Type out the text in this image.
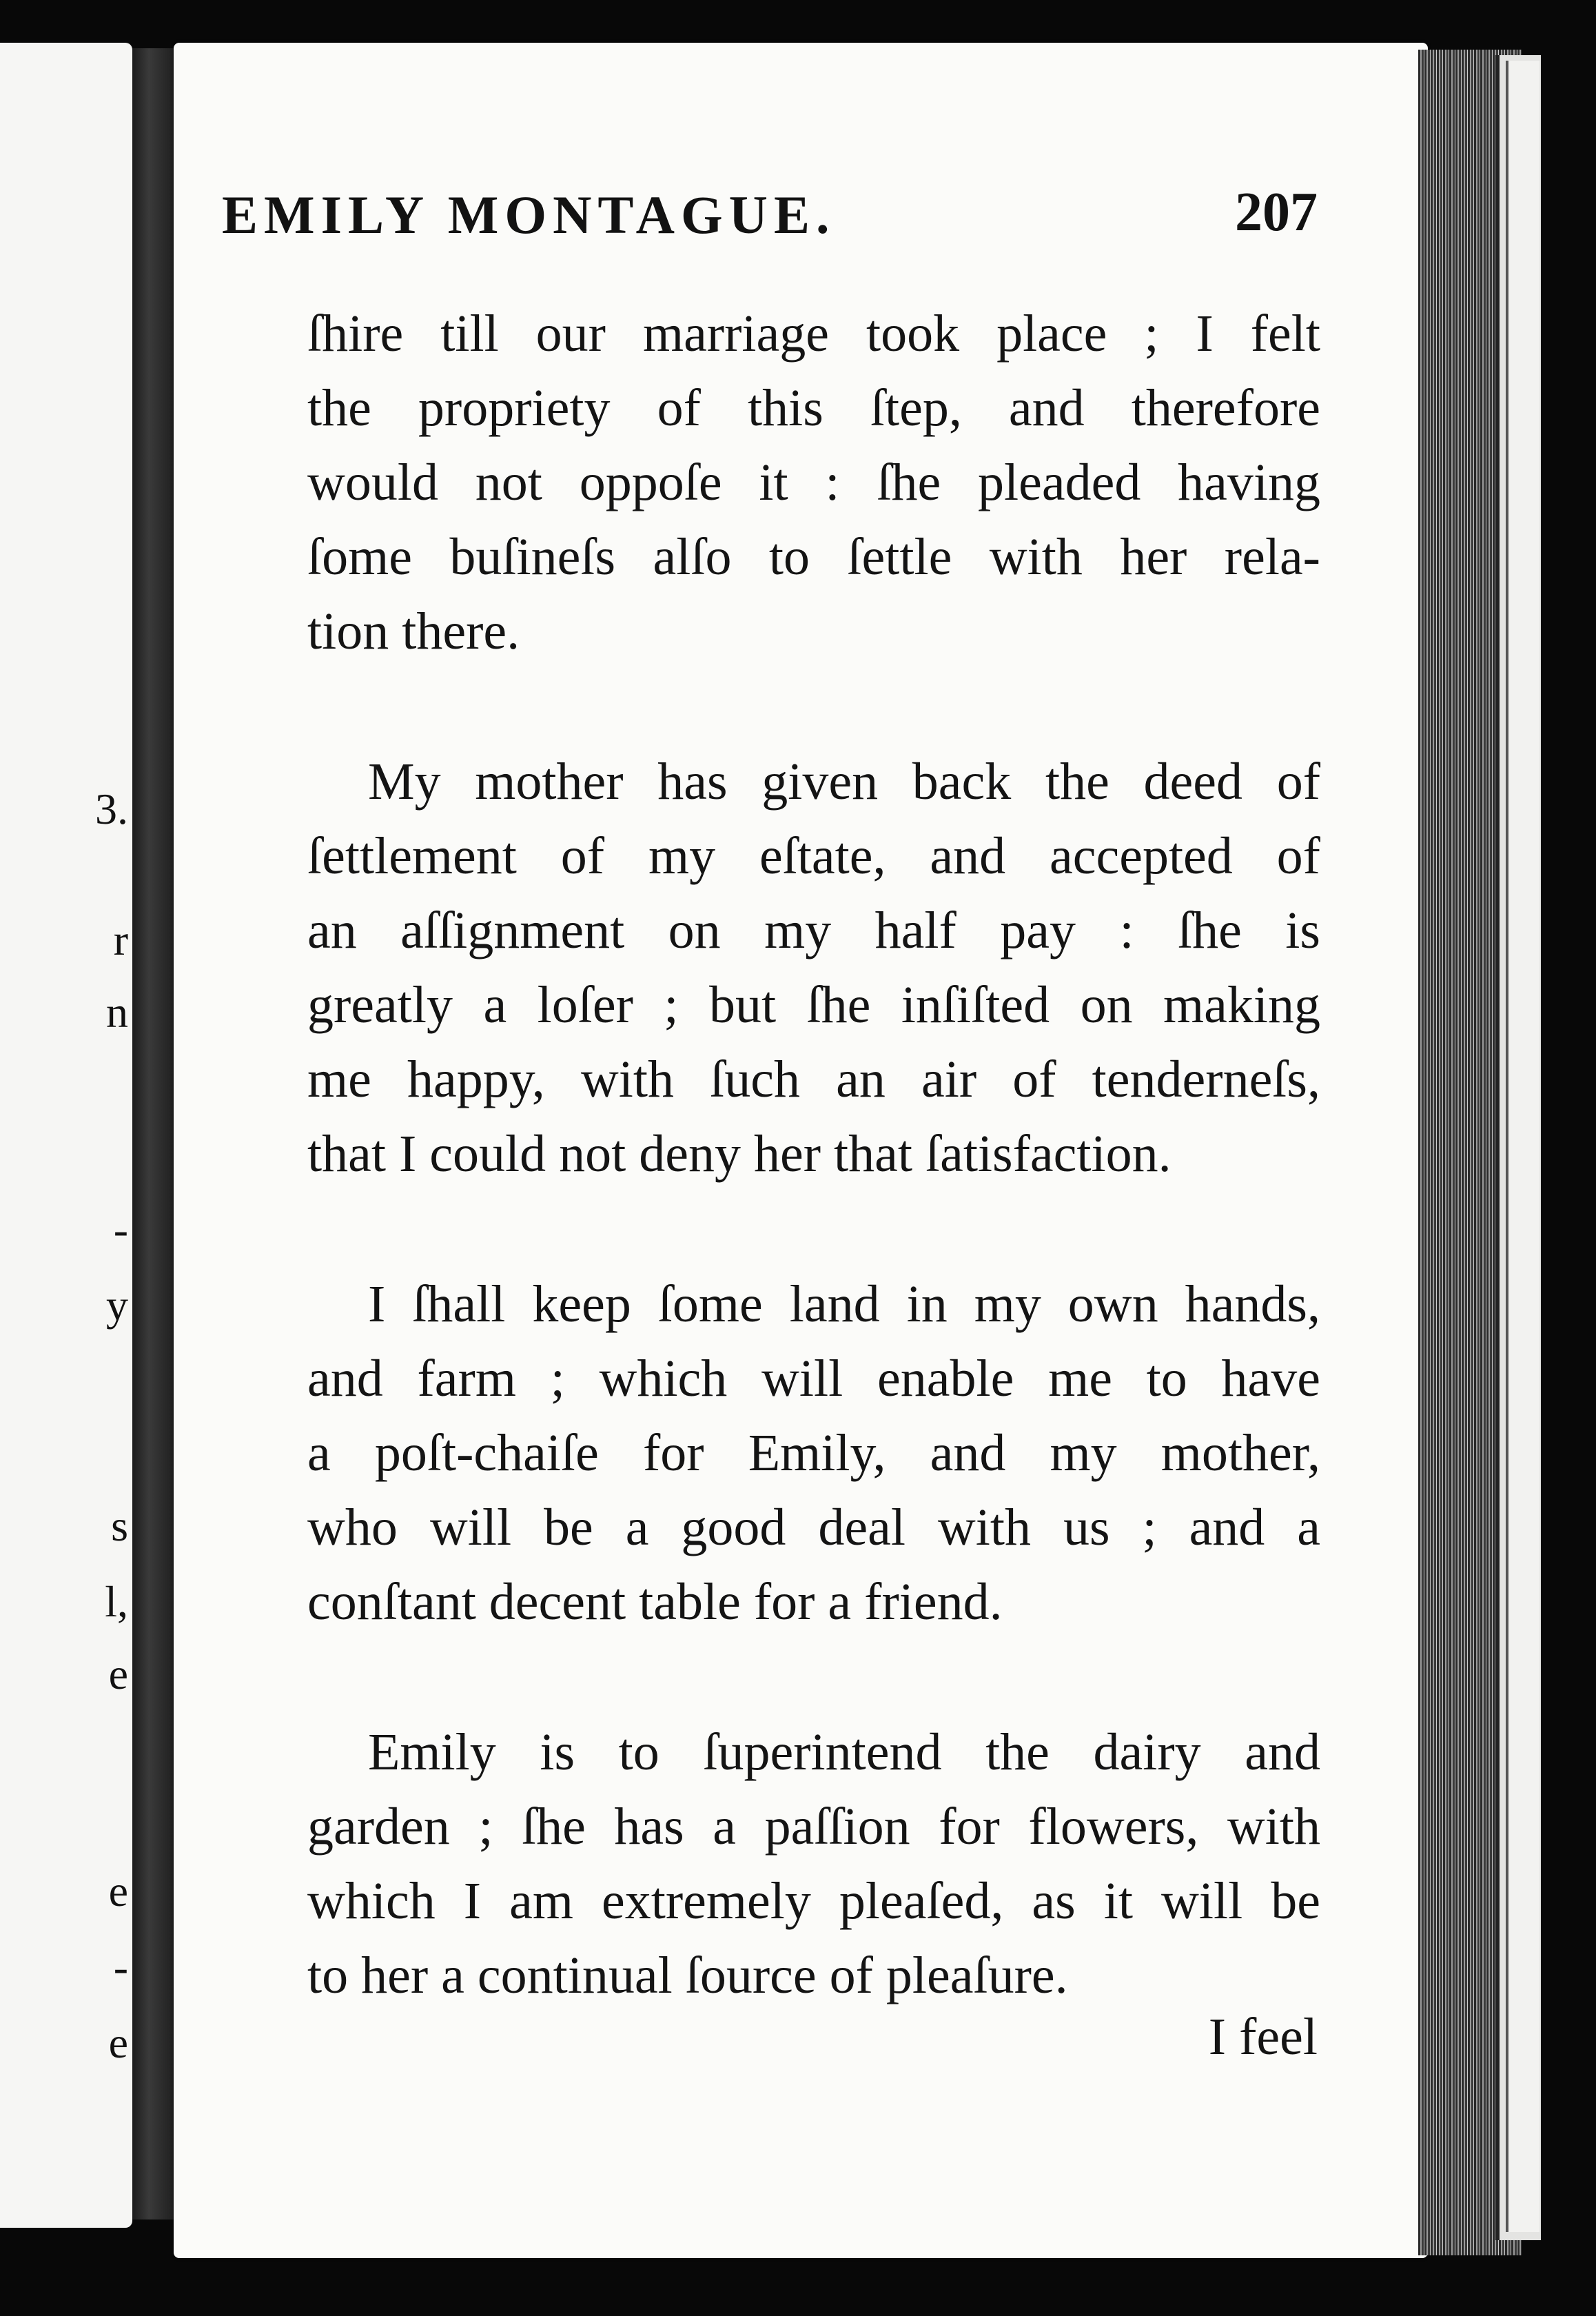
3.
r
n
-
y
s
l,
e
e
-
e

EMILY MONTAGUE.	207
ſhire till our marriage took place ; I felt
the propriety of this ſtep, and therefore
would not oppoſe it : ſhe pleaded having
ſome buſineſs alſo to ſettle with her rela-
tion there.
My mother has given back the deed of
ſettlement of my eſtate, and accepted of
an aſſignment on my half pay : ſhe is
greatly a loſer ; but ſhe inſiſted on making
me happy, with ſuch an air of tenderneſs,
that I could not deny her that ſatisfaction.
I ſhall keep ſome land in my own hands,
and farm ; which will enable me to have
a poſt-chaiſe for Emily, and my mother,
who will be a good deal with us ; and a
conſtant decent table for a friend.
Emily is to ſuperintend the dairy and
garden ; ſhe has a paſſion for flowers, with
which I am extremely pleaſed, as it will be
to her a continual ſource of pleaſure.
I feel
